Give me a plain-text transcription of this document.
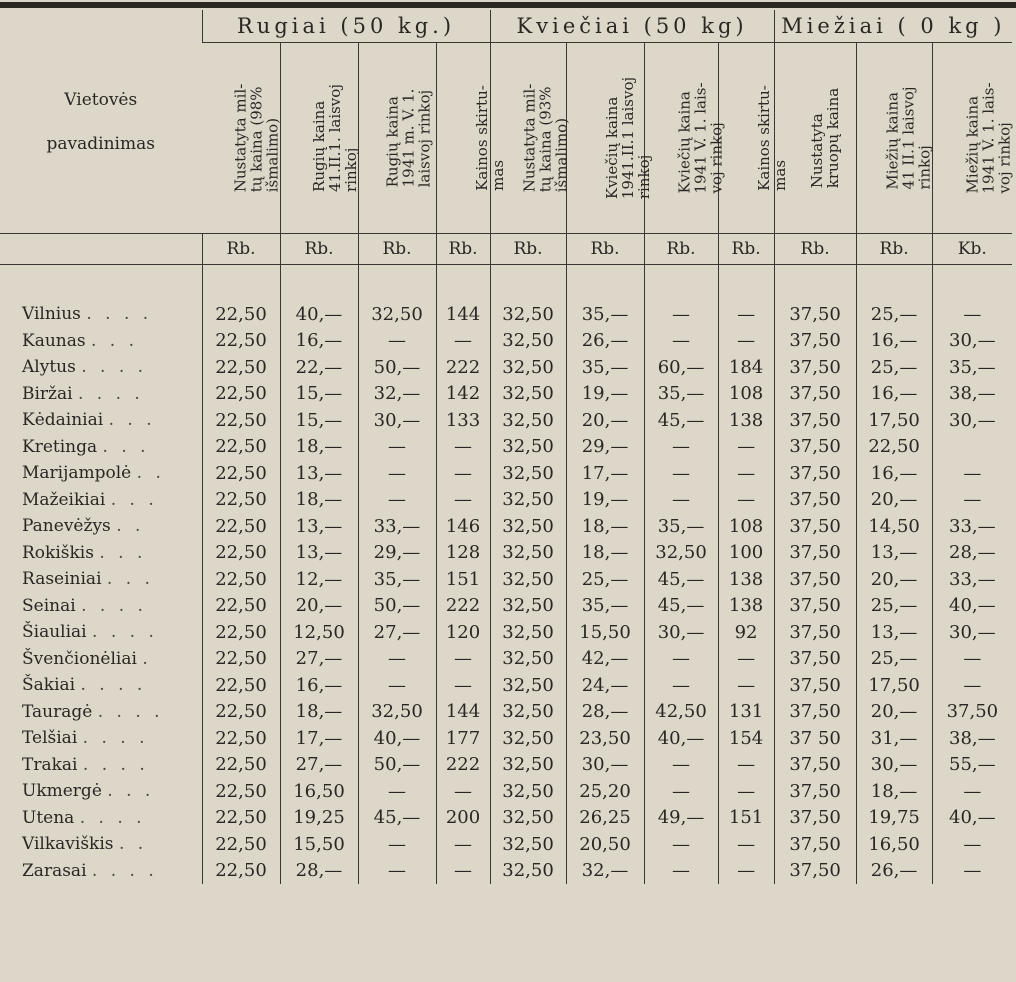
Vietovės
pavadinimas	Rugiai (50 kg.)				Kviečiai (50 kg)				Miežiai ( 0 kg )		
	Nustatyta mil-
tų kaina (98%
išmalimo)	Rugių kaina
41.II.1. laisvoj
rinkoj	Rugių kaina
1941 m. V. 1.
laisvoj rinkoj	Kainos skirtu-
mas	Nustatyta mil-
tų kaina (93%
išmalimo)	Kviečių kaina
1941.II.1 laisvoj
rinkoj	Kviečių kaina
1941 V. 1. lais-
voj rinkoj	Kainos skirtu-
mas	Nustatyta
kruopų kaina	Miežių kaina
41 II.1 laisvoj
rinkoj	Miežių kaina
1941 V. 1. lais-
voj rinkoj
	Rb.	Rb.	Rb.	Rb.	Rb.	Rb.	Rb.	Rb.	Rb.	Rb.	Kb.

Vilnius . . . .	22,50	40,—	32,50	144	32,50	35,—	—	—	37,50	25,—	—
Kaunas . . .	22,50	16,—	—	—	32,50	26,—	—	—	37,50	16,—	30,—
Alytus . . . .	22,50	22,—	50,—	222	32,50	35,—	60,—	184	37,50	25,—	35,—
Biržai . . . .	22,50	15,—	32,—	142	32,50	19,—	35,—	108	37,50	16,—	38,—
Kėdainiai . . .	22,50	15,—	30,—	133	32,50	20,—	45,—	138	37,50	17,50	30,—
Kretinga . . .	22,50	18,—	—	—	32,50	29,—	—	—	37,50	22,50	
Marijampolė . .	22,50	13,—	—	—	32,50	17,—	—	—	37,50	16,—	—
Mažeikiai . . .	22,50	18,—	—	—	32,50	19,—	—	—	37,50	20,—	—
Panevėžys . .	22,50	13,—	33,—	146	32,50	18,—	35,—	108	37,50	14,50	33,—
Rokiškis . . .	22,50	13,—	29,—	128	32,50	18,—	32,50	100	37,50	13,—	28,—
Raseiniai . . .	22,50	12,—	35,—	151	32,50	25,—	45,—	138	37,50	20,—	33,—
Seinai . . . .	22,50	20,—	50,—	222	32,50	35,—	45,—	138	37,50	25,—	40,—
Šiauliai . . . .	22,50	12,50	27,—	120	32,50	15,50	30,—	92	37,50	13,—	30,—
Švenčionėliai .	22,50	27,—	—	—	32,50	42,—	—	—	37,50	25,—	—
Šakiai . . . .	22,50	16,—	—	—	32,50	24,—	—	—	37,50	17,50	—
Tauragė . . . .	22,50	18,—	32,50	144	32,50	28,—	42,50	131	37,50	20,—	37,50
Telšiai . . . .	22,50	17,—	40,—	177	32,50	23,50	40,—	154	37 50	31,—	38,—
Trakai . . . .	22,50	27,—	50,—	222	32,50	30,—	—	—	37,50	30,—	55,—
Ukmergė . . .	22,50	16,50	—	—	32,50	25,20	—	—	37,50	18,—	—
Utena . . . .	22,50	19,25	45,—	200	32,50	26,25	49,—	151	37,50	19,75	40,—
Vilkaviškis . .	22,50	15,50	—	—	32,50	20,50	—	—	37,50	16,50	—
Zarasai . . . .	22,50	28,—	—	—	32,50	32,—	—	—	37,50	26,—	—
